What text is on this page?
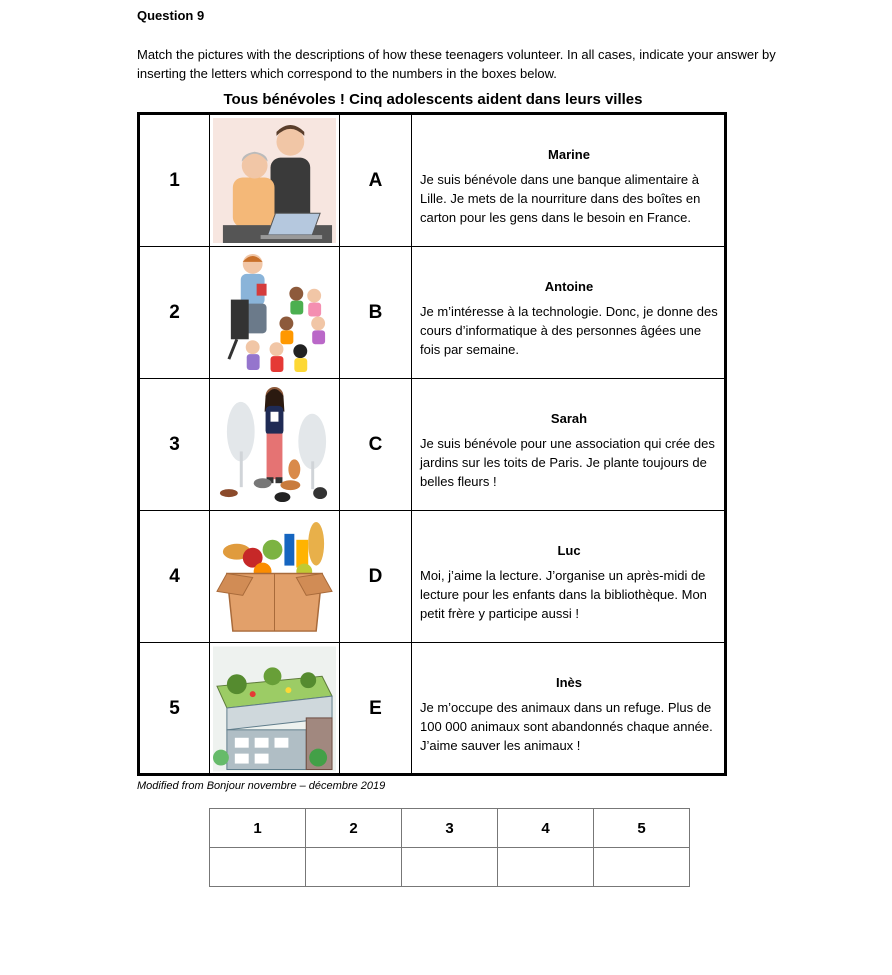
Question 9
Match the pictures with the descriptions of how these teenagers volunteer. In all cases, indicate your answer by inserting the letters which correspond to the numbers in the boxes below.
Tous bénévoles ! Cinq adolescents aident dans leurs villes
1	A
Marine
Je suis bénévole dans une banque alimentaire à Lille. Je mets de la nourriture dans des boîtes en carton pour les gens dans le besoin en France.
2	B
Antoine
Je m’intéresse à la technologie. Donc, je donne des cours d’informatique à des personnes âgées une fois par semaine.
3	C
Sarah
Je suis bénévole pour une association qui crée des jardins sur les toits de Paris. Je plante toujours de belles fleurs !
4	D
Luc
Moi, j’aime la lecture. J’organise un après-midi de lecture pour les enfants dans la bibliothèque. Mon petit frère y participe aussi !
5	E
Inès
Je m’occupe des animaux dans un refuge. Plus de 100 000 animaux sont abandonnés chaque année. J’aime sauver les animaux !
Modified from Bonjour novembre – décembre 2019
1	2	3	4	5
